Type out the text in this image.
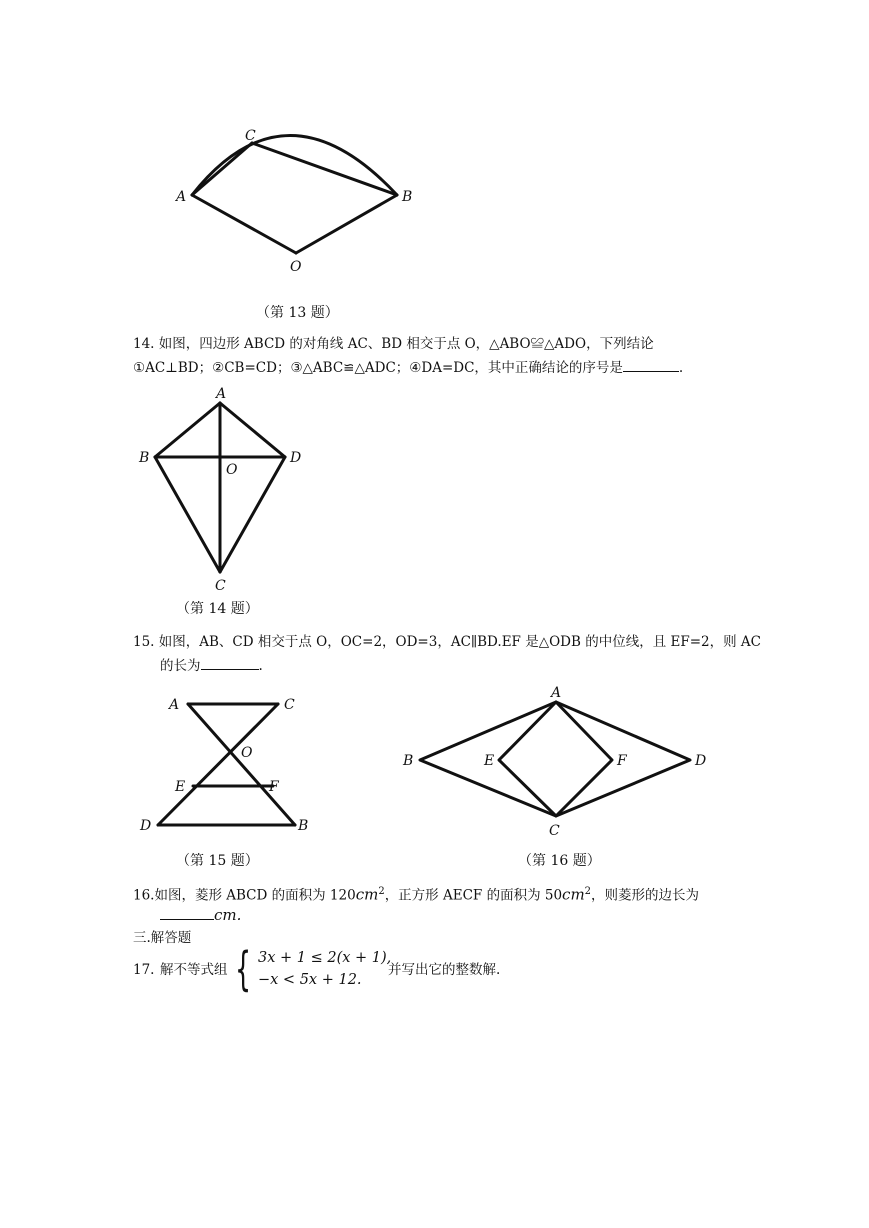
C
A	B
O
（第 13 题）
14. 如图，四边形 ABCD 的对角线 AC、BD 相交于点 O，△ABO≌△ADO，下列结论
①AC⊥BD；②CB=CD；③△ABC≌△ADC；④DA=DC，其中正确结论的序号是	.
A
B
O
D
C
（第 14 题）
15. 如图，AB、CD 相交于点 O，OC=2，OD=3，AC∥BD.EF 是△ODB 的中位线，且 EF=2，则 AC
的长为	.
A	C
O
E	F
D	B
（第 15 题）
A
B	E	F	D
C
（第 16 题）
16.如图，菱形 ABCD 的面积为 $120cm^2$，正方形 AECF 的面积为 $50cm^2$，则菱形的边长为
cm.
三.解答题
17. 解不等式组 { 3x + 1 ≤ 2(x + 1),
−x < 5x + 12.
并写出它的整数解.
